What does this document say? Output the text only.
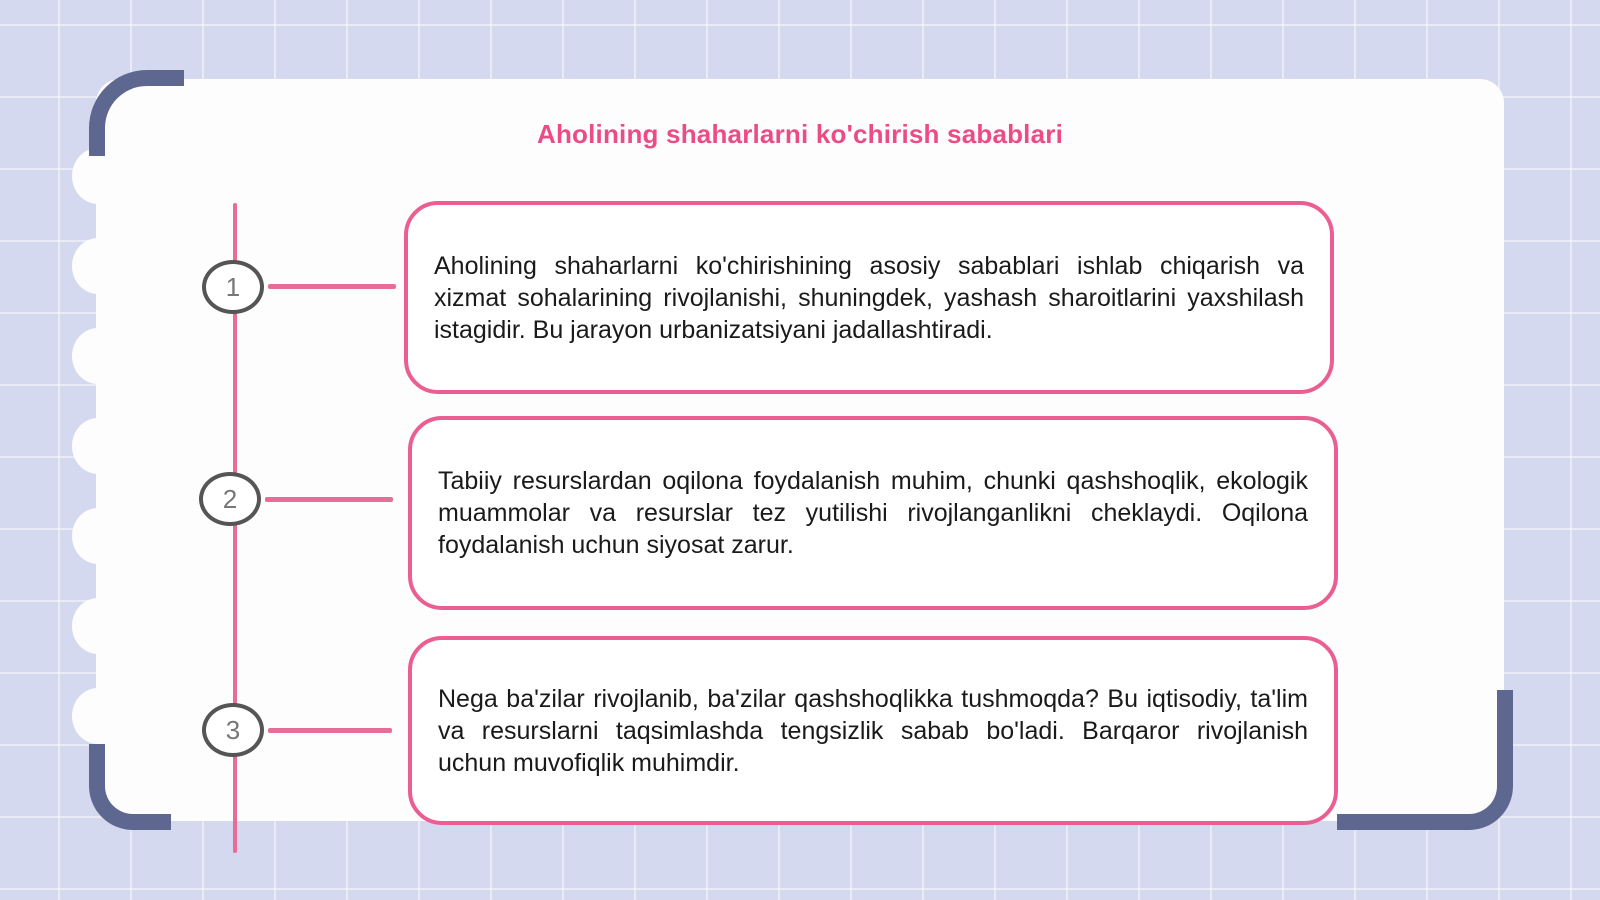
Aholining shaharlarni ko'chirish sabablari
1
2
3

Aholining shaharlarni ko'chirishining asosiy sabablari ishlab chiqarish va xizmat sohalarining rivojlanishi, shuningdek, yashash sharoitlarini yaxshilash istagidir. Bu jarayon urbanizatsiyani jadallashtiradi.

Tabiiy resurslardan oqilona foydalanish muhim, chunki qashshoqlik, ekologik muammolar va resurslar tez yutilishi rivojlanganlikni cheklaydi. Oqilona foydalanish uchun siyosat zarur.

Nega ba'zilar rivojlanib, ba'zilar qashshoqlikka tushmoqda? Bu iqtisodiy, ta'lim va resurslarni taqsimlashda tengsizlik sabab bo'ladi. Barqaror rivojlanish uchun muvofiqlik muhimdir.
